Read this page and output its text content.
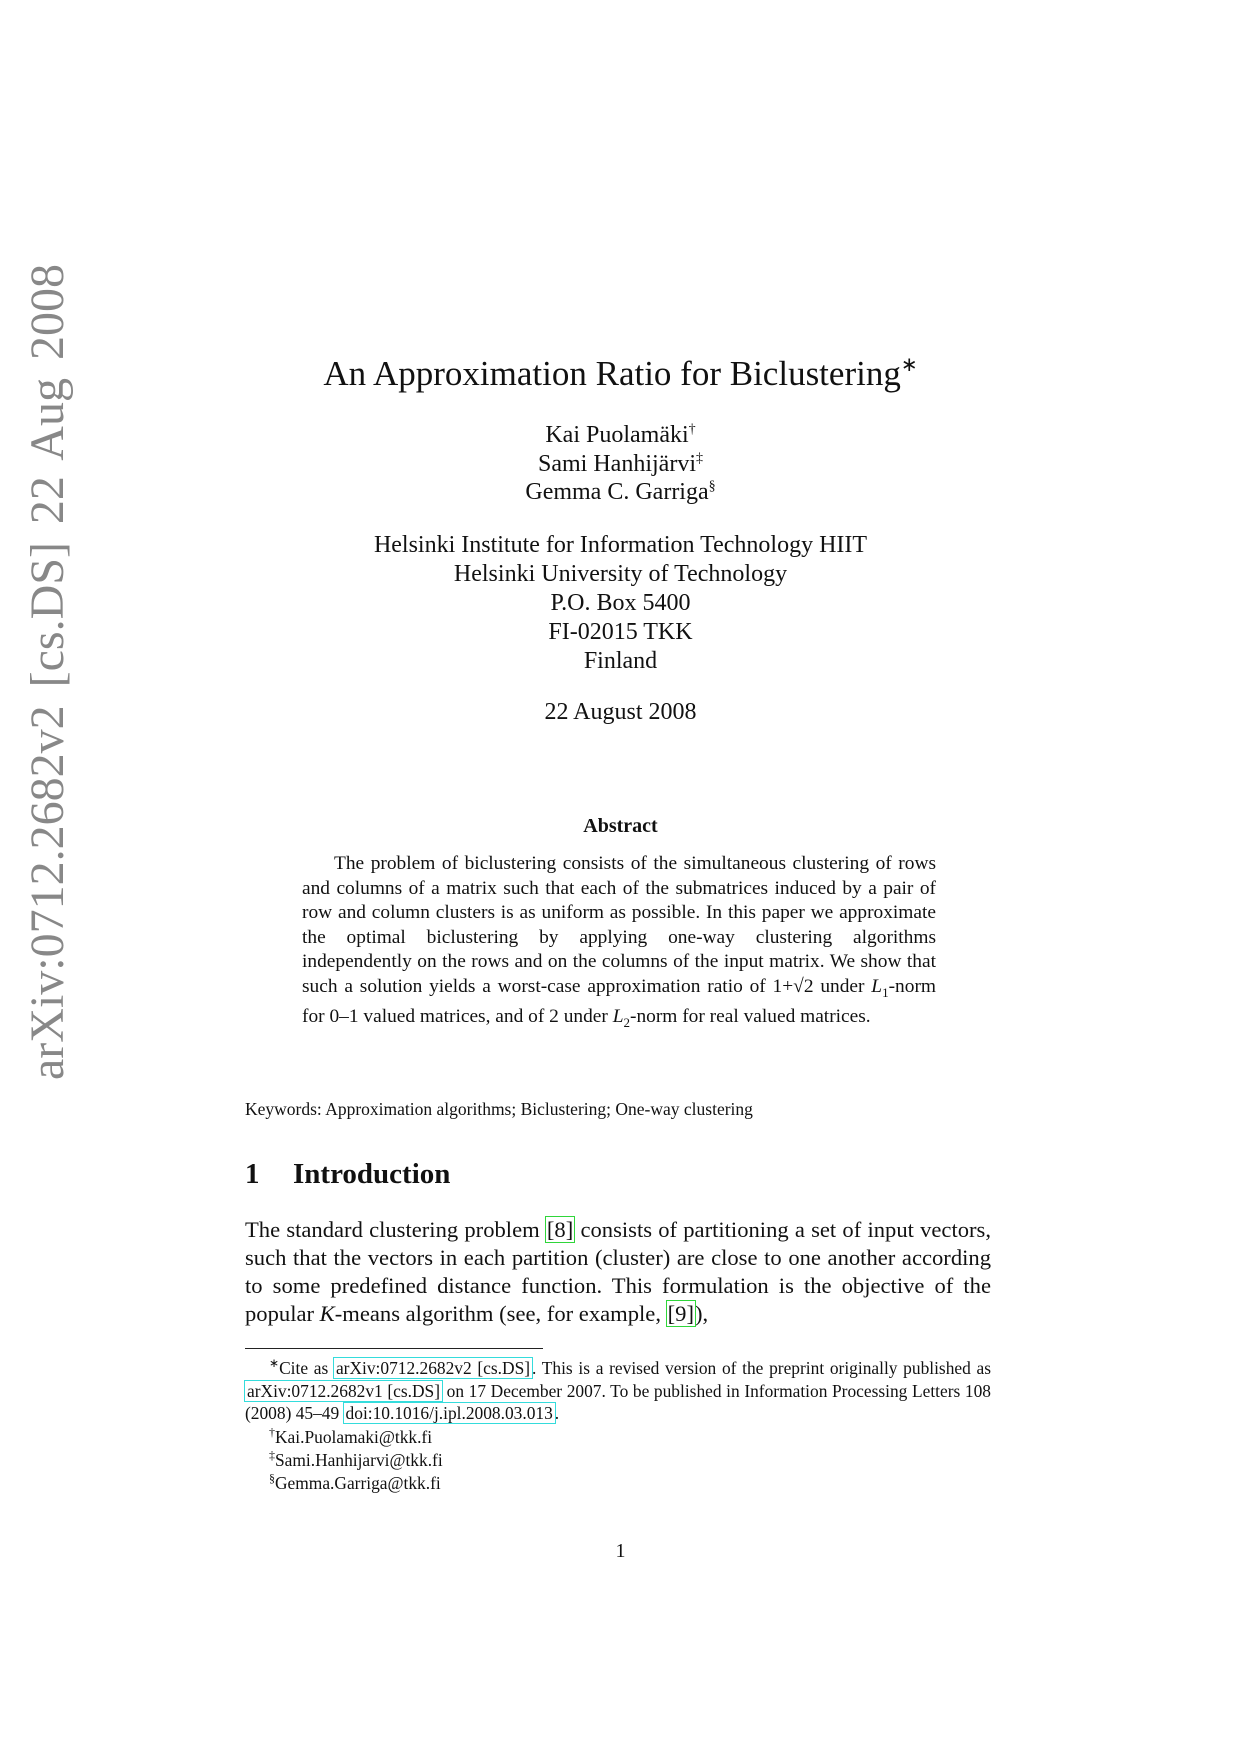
arXiv:0712.2682v2 [cs.DS] 22 Aug 2008	An Approximation Ratio for Biclustering∗
Kai Puolamäki†
Sami Hanhijärvi‡
Gemma C. Garriga§
Helsinki Institute for Information Technology HIIT
Helsinki University of Technology
P.O. Box 5400
FI-02015 TKK
Finland
22 August 2008
Abstract
The problem of biclustering consists of the simultaneous clustering of rows and columns of a matrix such that each of the submatrices induced by a pair of row and column clusters is as uniform as possible. In this paper we approximate the optimal biclustering by applying one-way clustering algorithms independently on the rows and on the columns of the input matrix. We show that such a solution yields a worst-case approximation ratio of 1+√2 under $L_1$-norm for 0–1 valued matrices, and of 2 under $L_2$-norm for real valued matrices.
Keywords: Approximation algorithms; Biclustering; One-way clustering
1 Introduction
The standard clustering problem [8] consists of partitioning a set of input vectors, such that the vectors in each partition (cluster) are close to one another according to some predefined distance function. This formulation is the objective of the popular K-means algorithm (see, for example, [9]),
∗Cite as arXiv:0712.2682v2 [cs.DS] . This is a revised version of the preprint originally published as arXiv:0712.2682v1 [cs.DS] on 17 December 2007. To be published in Information Processing Letters 108 (2008) 45–49 doi:10.1016/j.ipl.2008.03.013 .
†Kai.Puolamaki@tkk.fi
‡Sami.Hanhijarvi@tkk.fi
§Gemma.Garriga@tkk.fi
1
